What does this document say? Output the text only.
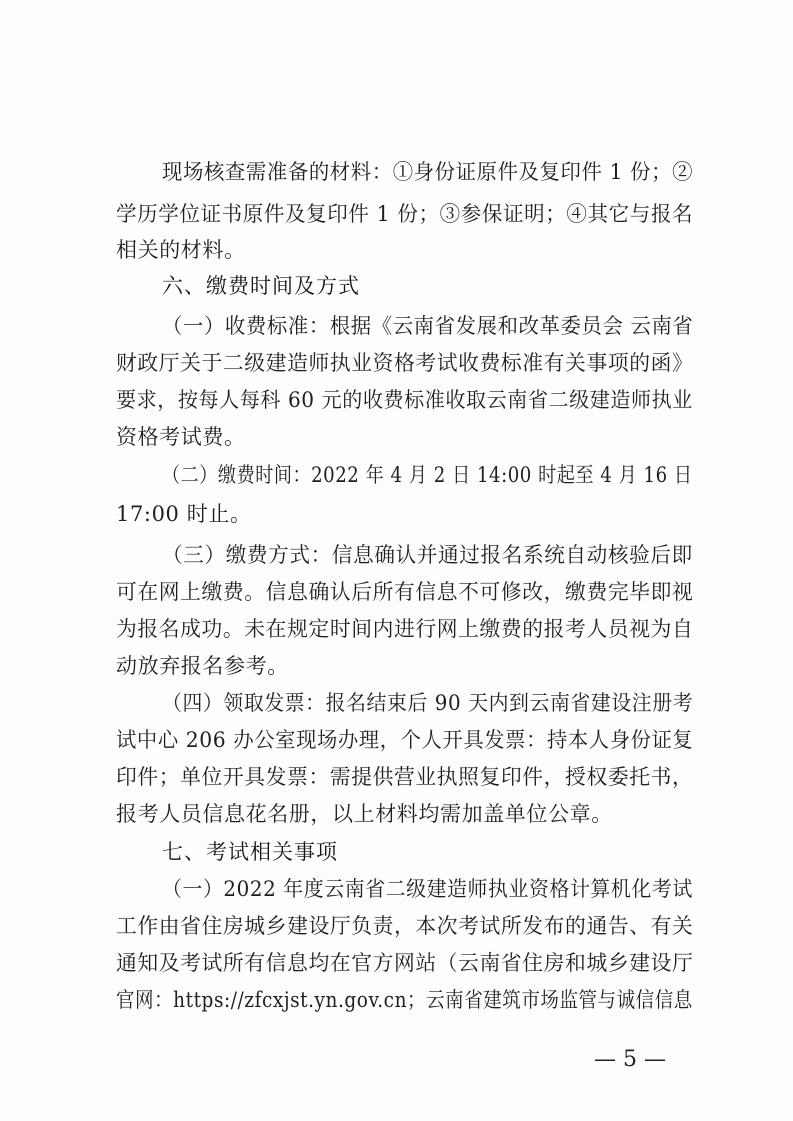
现场核查需准备的材料：①身份证原件及复印件 1 份；②
学历学位证书原件及复印件 1 份；③参保证明；④其它与报名
相关的材料。
六、缴费时间及方式
（一）收费标准：根据《云南省发展和改革委员会 云南省
财政厅关于二级建造师执业资格考试收费标准有关事项的函》
要求，按每人每科 60 元的收费标准收取云南省二级建造师执业
资格考试费。
（二）缴费时间：2022 年 4 月 2 日 14:00 时起至 4 月 16 日
17:00 时止。
（三）缴费方式：信息确认并通过报名系统自动核验后即
可在网上缴费。信息确认后所有信息不可修改，缴费完毕即视
为报名成功。未在规定时间内进行网上缴费的报考人员视为自
动放弃报名参考。
（四）领取发票：报名结束后 90 天内到云南省建设注册考
试中心 206 办公室现场办理，个人开具发票：持本人身份证复
印件；单位开具发票：需提供营业执照复印件，授权委托书，
报考人员信息花名册，以上材料均需加盖单位公章。
七、考试相关事项
（一）2022 年度云南省二级建造师执业资格计算机化考试
工作由省住房城乡建设厅负责，本次考试所发布的通告、有关
通知及考试所有信息均在官方网站（云南省住房和城乡建设厅
官网：https://zfcxjst.yn.gov.cn；云南省建筑市场监管与诚信信息
— 5 —
